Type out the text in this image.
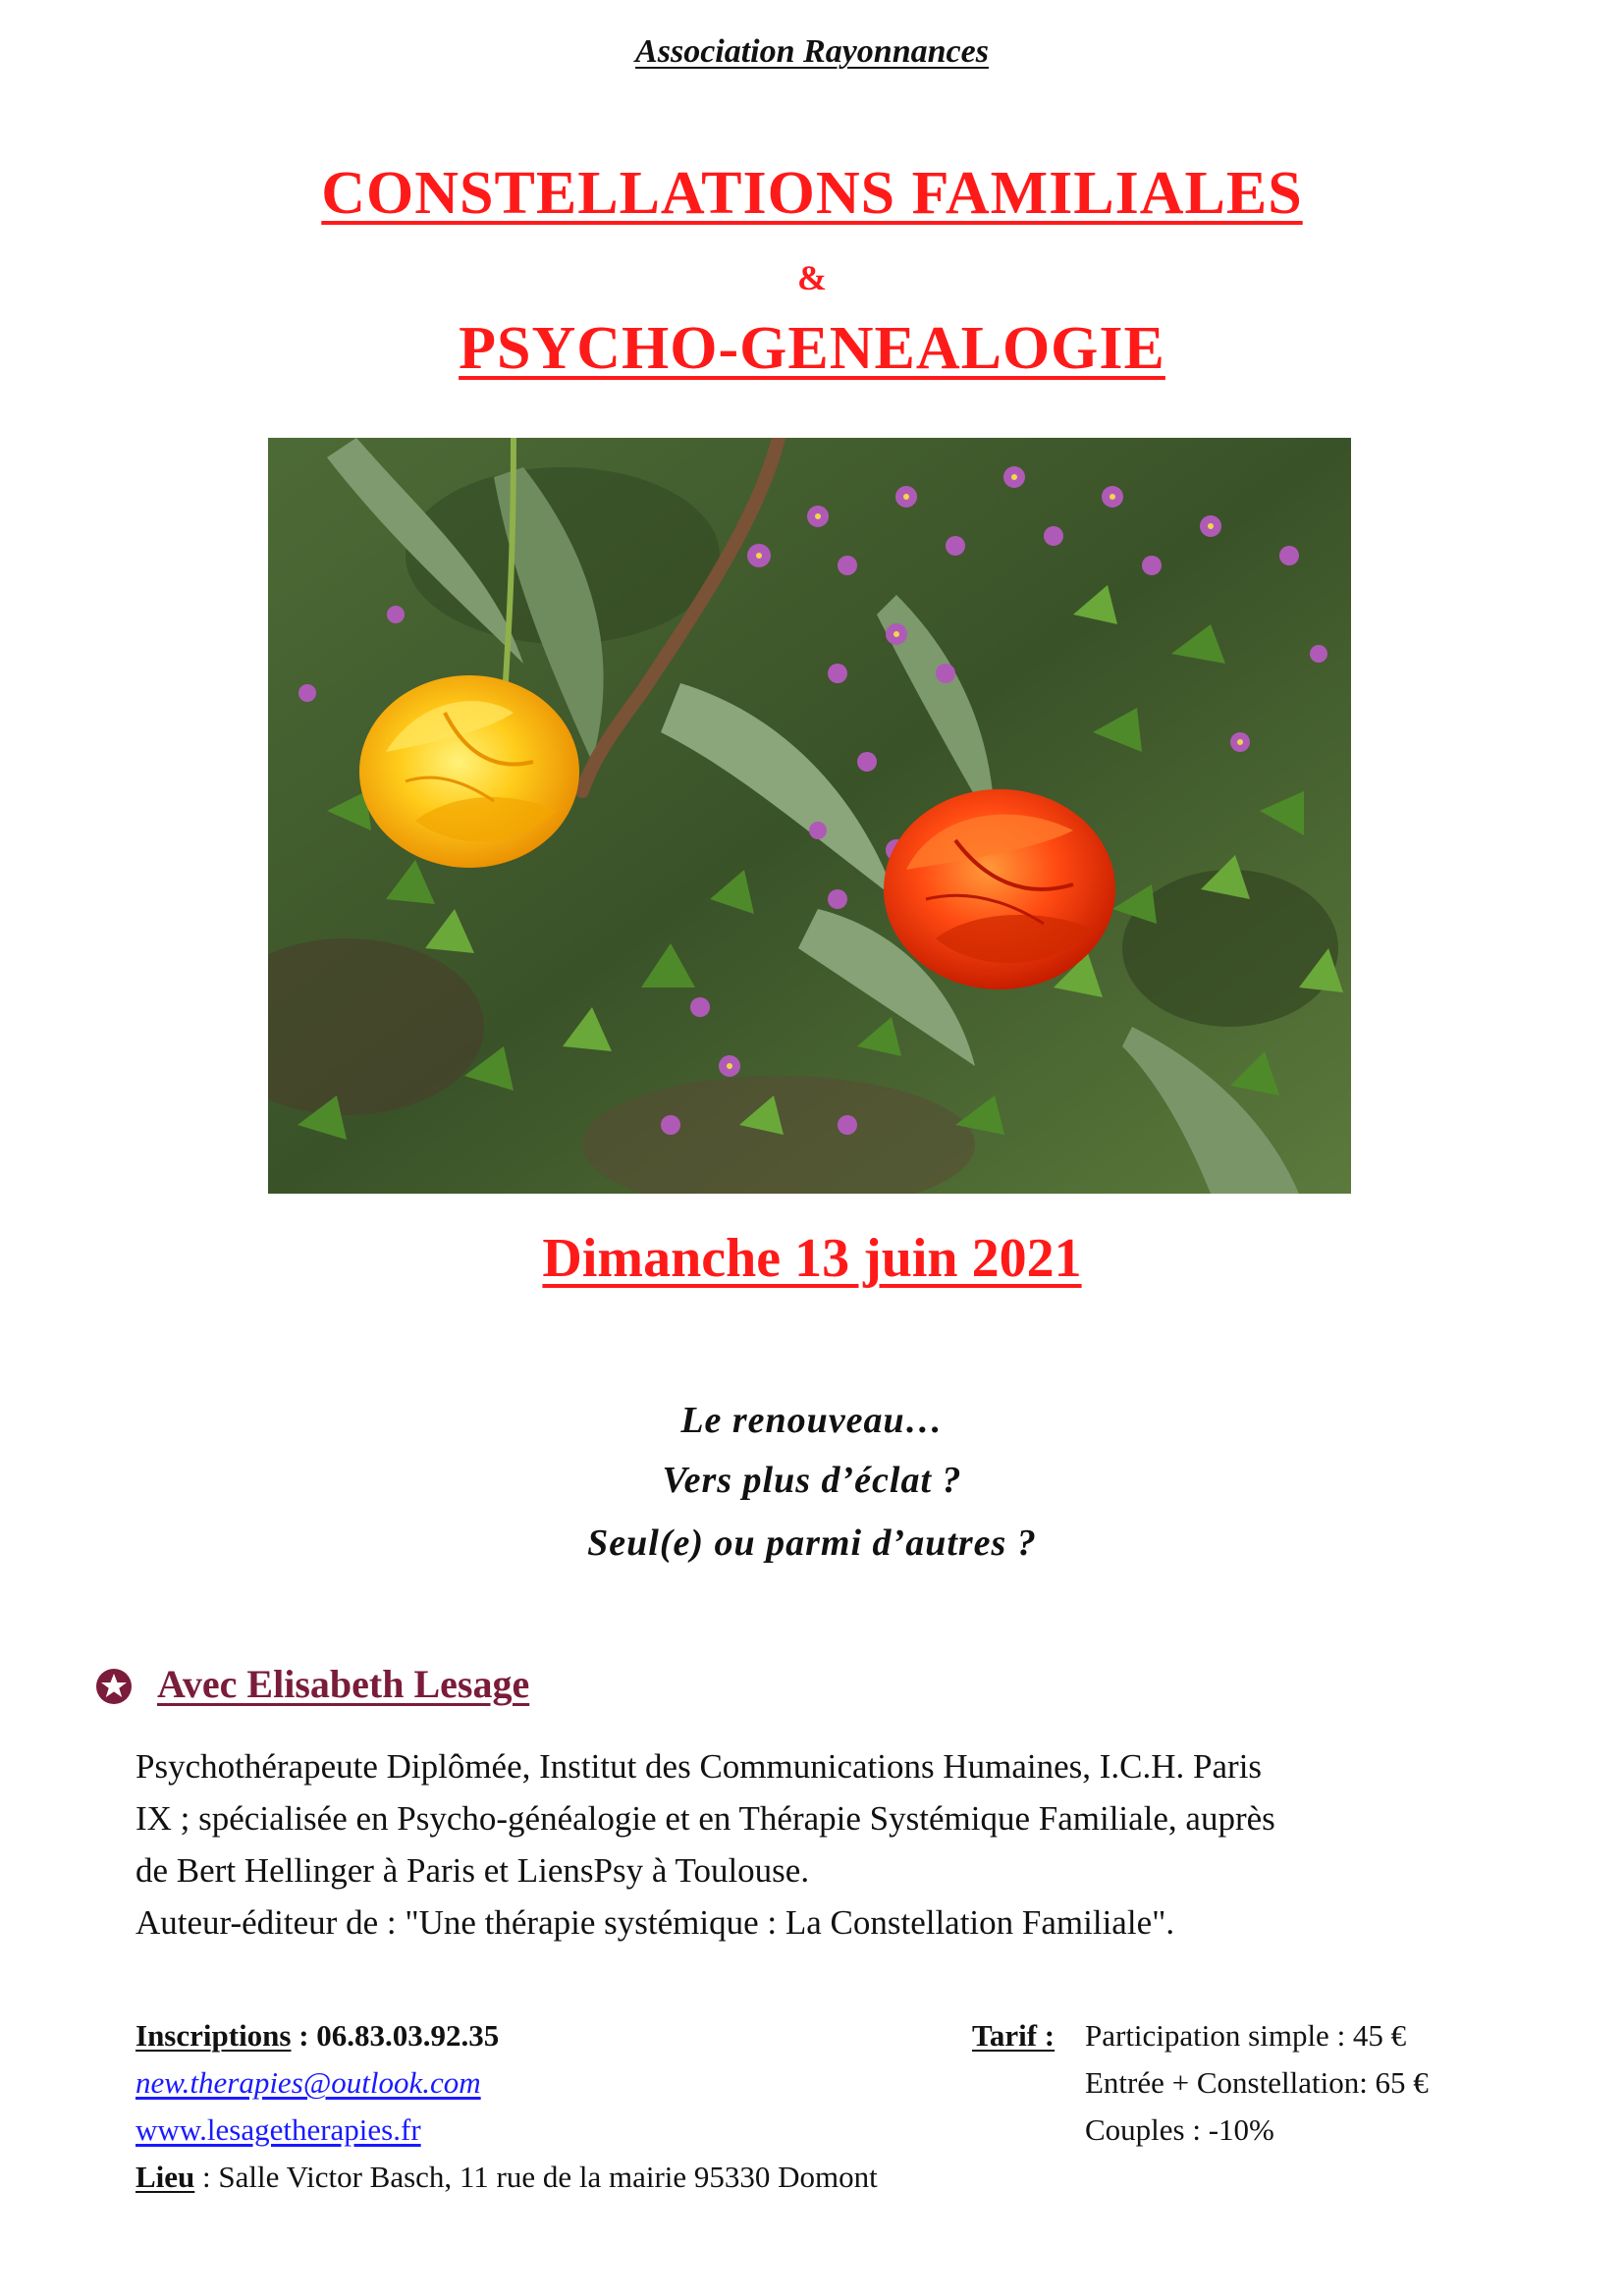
Association Rayonnances
CONSTELLATIONS FAMILIALES
&
PSYCHO-GENEALOGIE
Dimanche 13 juin 2021
Le renouveau…
Vers plus d’éclat ?
Seul(e) ou parmi d’autres ?
Avec Elisabeth Lesage
Psychothérapeute Diplômée, Institut des Communications Humaines, I.C.H. Paris
IX ; spécialisée en Psycho-généalogie et en Thérapie Systémique Familiale, auprès
de Bert Hellinger à Paris et LiensPsy à Toulouse.
Auteur-éditeur de : "Une thérapie systémique : La Constellation Familiale".
Inscriptions : 06.83.03.92.35
new.therapies@outlook.com
www.lesagetherapies.fr
Lieu : Salle Victor Basch, 11 rue de la mairie 95330 Domont
Tarif : Participation simple : 45 €
Entrée + Constellation: 65 €
Couples : -10%
